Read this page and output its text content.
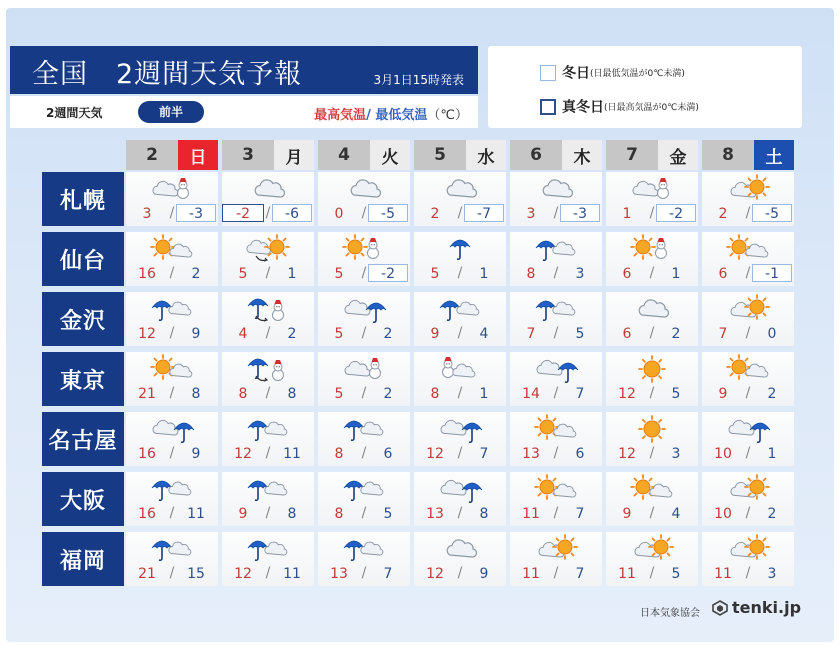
全国　2週間天気予報	3月1日15時発表
2週間天気	前半	最高気温/ 最低気温（℃）
冬日(日最低気温が0℃未満)
真冬日(日最高気温が0℃未満)
2	日	3	月	4	火	5	水	6	木	7	金	8	土
札幌
3	/	-3	-2	/	-6	0	/	-5	2	/	-7	3	/	-3	1	/	-2	2	/	-5
仙台
16 /	2	5	/	1	5	/	-2	5	/	1	8	/	3	6	/	1	6	/	-1
金沢
12 /	9	4	/	2	5	/	2	9	/	4	7	/	5	6	/	2	7	/	0
東京
21 /	8	8	/	8	5	/	2	8	/	1	14 /	7	12 /	5	9	/	2
名古屋
16 /	9	12 / 11	8	/	6	12 /	7	13 /	6	12 /	3	10 /	1
大阪
16 / 11	9	/	8	8	/	5	13 /	8	11 /	7	9	/	4	10 /	2
福岡
21 / 15	12 / 11	13 /	7	12 /	9	11 /	7	11 /	5	11 /	3
日本気象協会	tenki.jp
